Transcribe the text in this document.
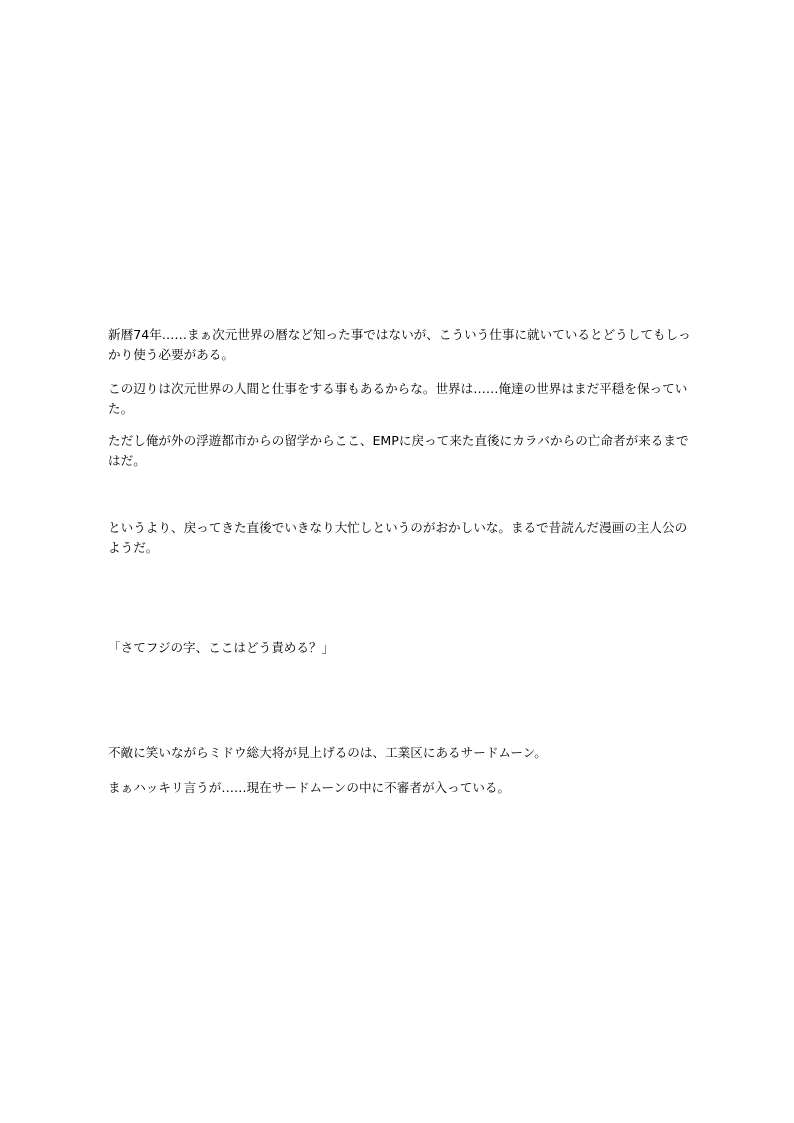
新暦74年……まぁ次元世界の暦など知った事ではないが、こういう仕事に就いているとどうしてもしっかり使う必要がある。

この辺りは次元世界の人間と仕事をする事もあるからな。世界は……俺達の世界はまだ平穏を保っていた。

ただし俺が外の浮遊都市からの留学からここ、EMPに戻って来た直後にカラバからの亡命者が来るまではだ。

というより、戻ってきた直後でいきなり大忙しというのがおかしいな。まるで昔読んだ漫画の主人公のようだ。

「さてフジの字、ここはどう責める？」

不敵に笑いながらミドウ総大将が見上げるのは、工業区にあるサードムーン。

まぁハッキリ言うが……現在サードムーンの中に不審者が入っている。
